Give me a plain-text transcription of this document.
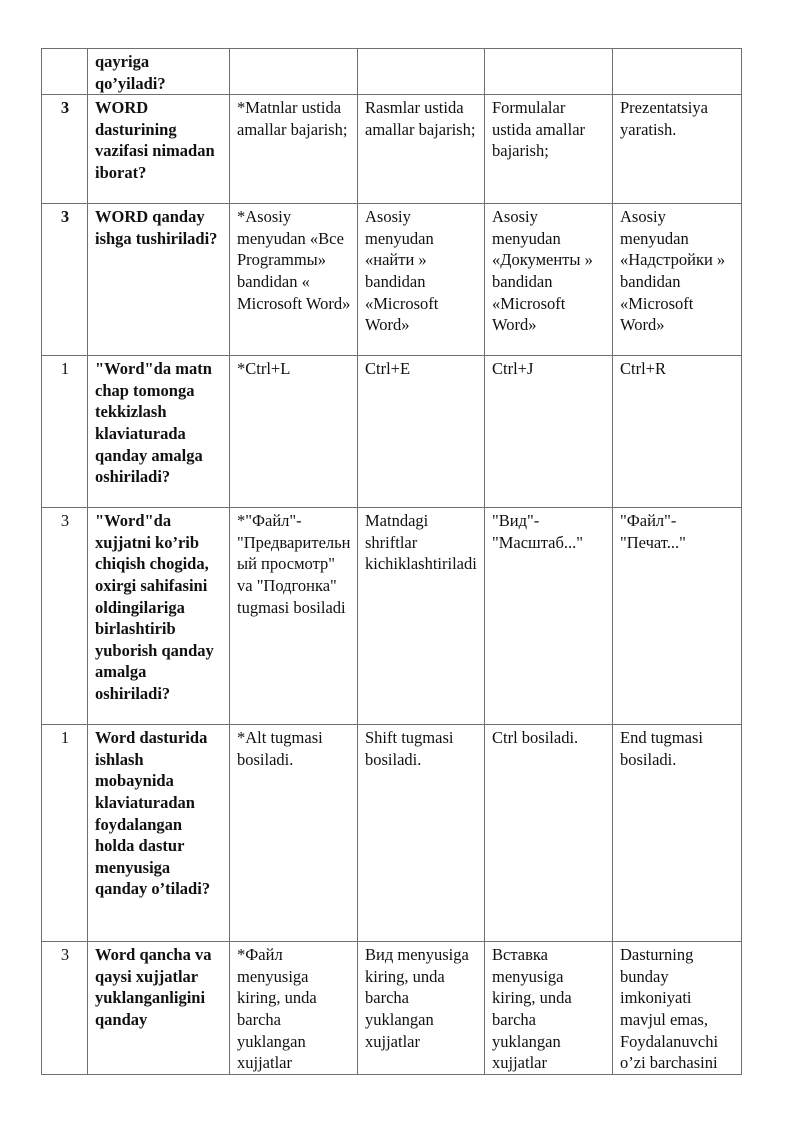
	qayriga qo’yiladi?				
3	WORD dasturining vazifasi nimadan iborat?	*Matnlar ustida amallar bajarish;	Rasmlar ustida amallar bajarish;	Formulalar ustida amallar bajarish;	Prezentatsiya yaratish.
3	WORD qanday ishga tushiriladi?	*Asosiy menyudan «Все Programmы» bandidan « Microsoft Word»	Asosiy menyudan «найти » bandidan «Microsoft Word»	Asosiy menyudan «Документы » bandidan «Microsoft Word»	Asosiy menyudan «Надстройки » bandidan «Microsoft Word»
1	"Word"da matn chap tomonga tekkizlash klaviaturada qanday amalga oshiriladi?	*Ctrl+L	Ctrl+E	Ctrl+J	Ctrl+R
3	"Word"da xujjatni ko’rib chiqish chogida, oxirgi sahifasini oldingilariga birlashtirib yuborish qanday amalga oshiriladi?	*"Файл"-"Предварительный просмотр" va "Подгонка" tugmasi bosiladi	Matndagi shriftlar kichiklashtiriladi	"Вид"-"Масштаб..."	"Файл"-"Печат..."
1	Word dasturida ishlash mobaynida klaviaturadan foydalangan holda dastur menyusiga qanday o’tiladi?	*Alt tugmasi bosiladi.	Shift tugmasi bosiladi.	Ctrl bosiladi.	End tugmasi bosiladi.
3	Word qancha va qaysi xujjatlar yuklanganligini qanday	*Файл menyusiga kiring, unda barcha yuklangan xujjatlar	Вид menyusiga kiring, unda barcha yuklangan xujjatlar	Вставка menyusiga kiring, unda barcha yuklangan xujjatlar	Dasturning bunday imkoniyati mavjul emas, Foydalanuvchi o’zi barchasini
